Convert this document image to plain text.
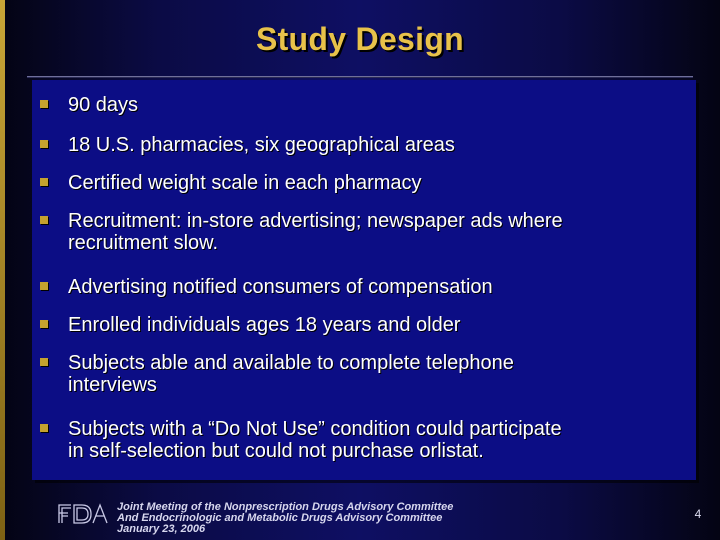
Study Design
90 days
18 U.S. pharmacies, six geographical areas
Certified weight scale in each pharmacy
Recruitment: in-store advertising; newspaper ads where
recruitment slow.
Advertising notified consumers of compensation
Enrolled individuals ages 18 years and older
Subjects able and available to complete telephone
interviews
Subjects with a “Do Not Use” condition could participate
in self-selection but could not purchase orlistat.
Joint Meeting of the Nonprescription Drugs Advisory Committee
And Endocrinologic and Metabolic Drugs Advisory Committee
January 23, 2006
4
